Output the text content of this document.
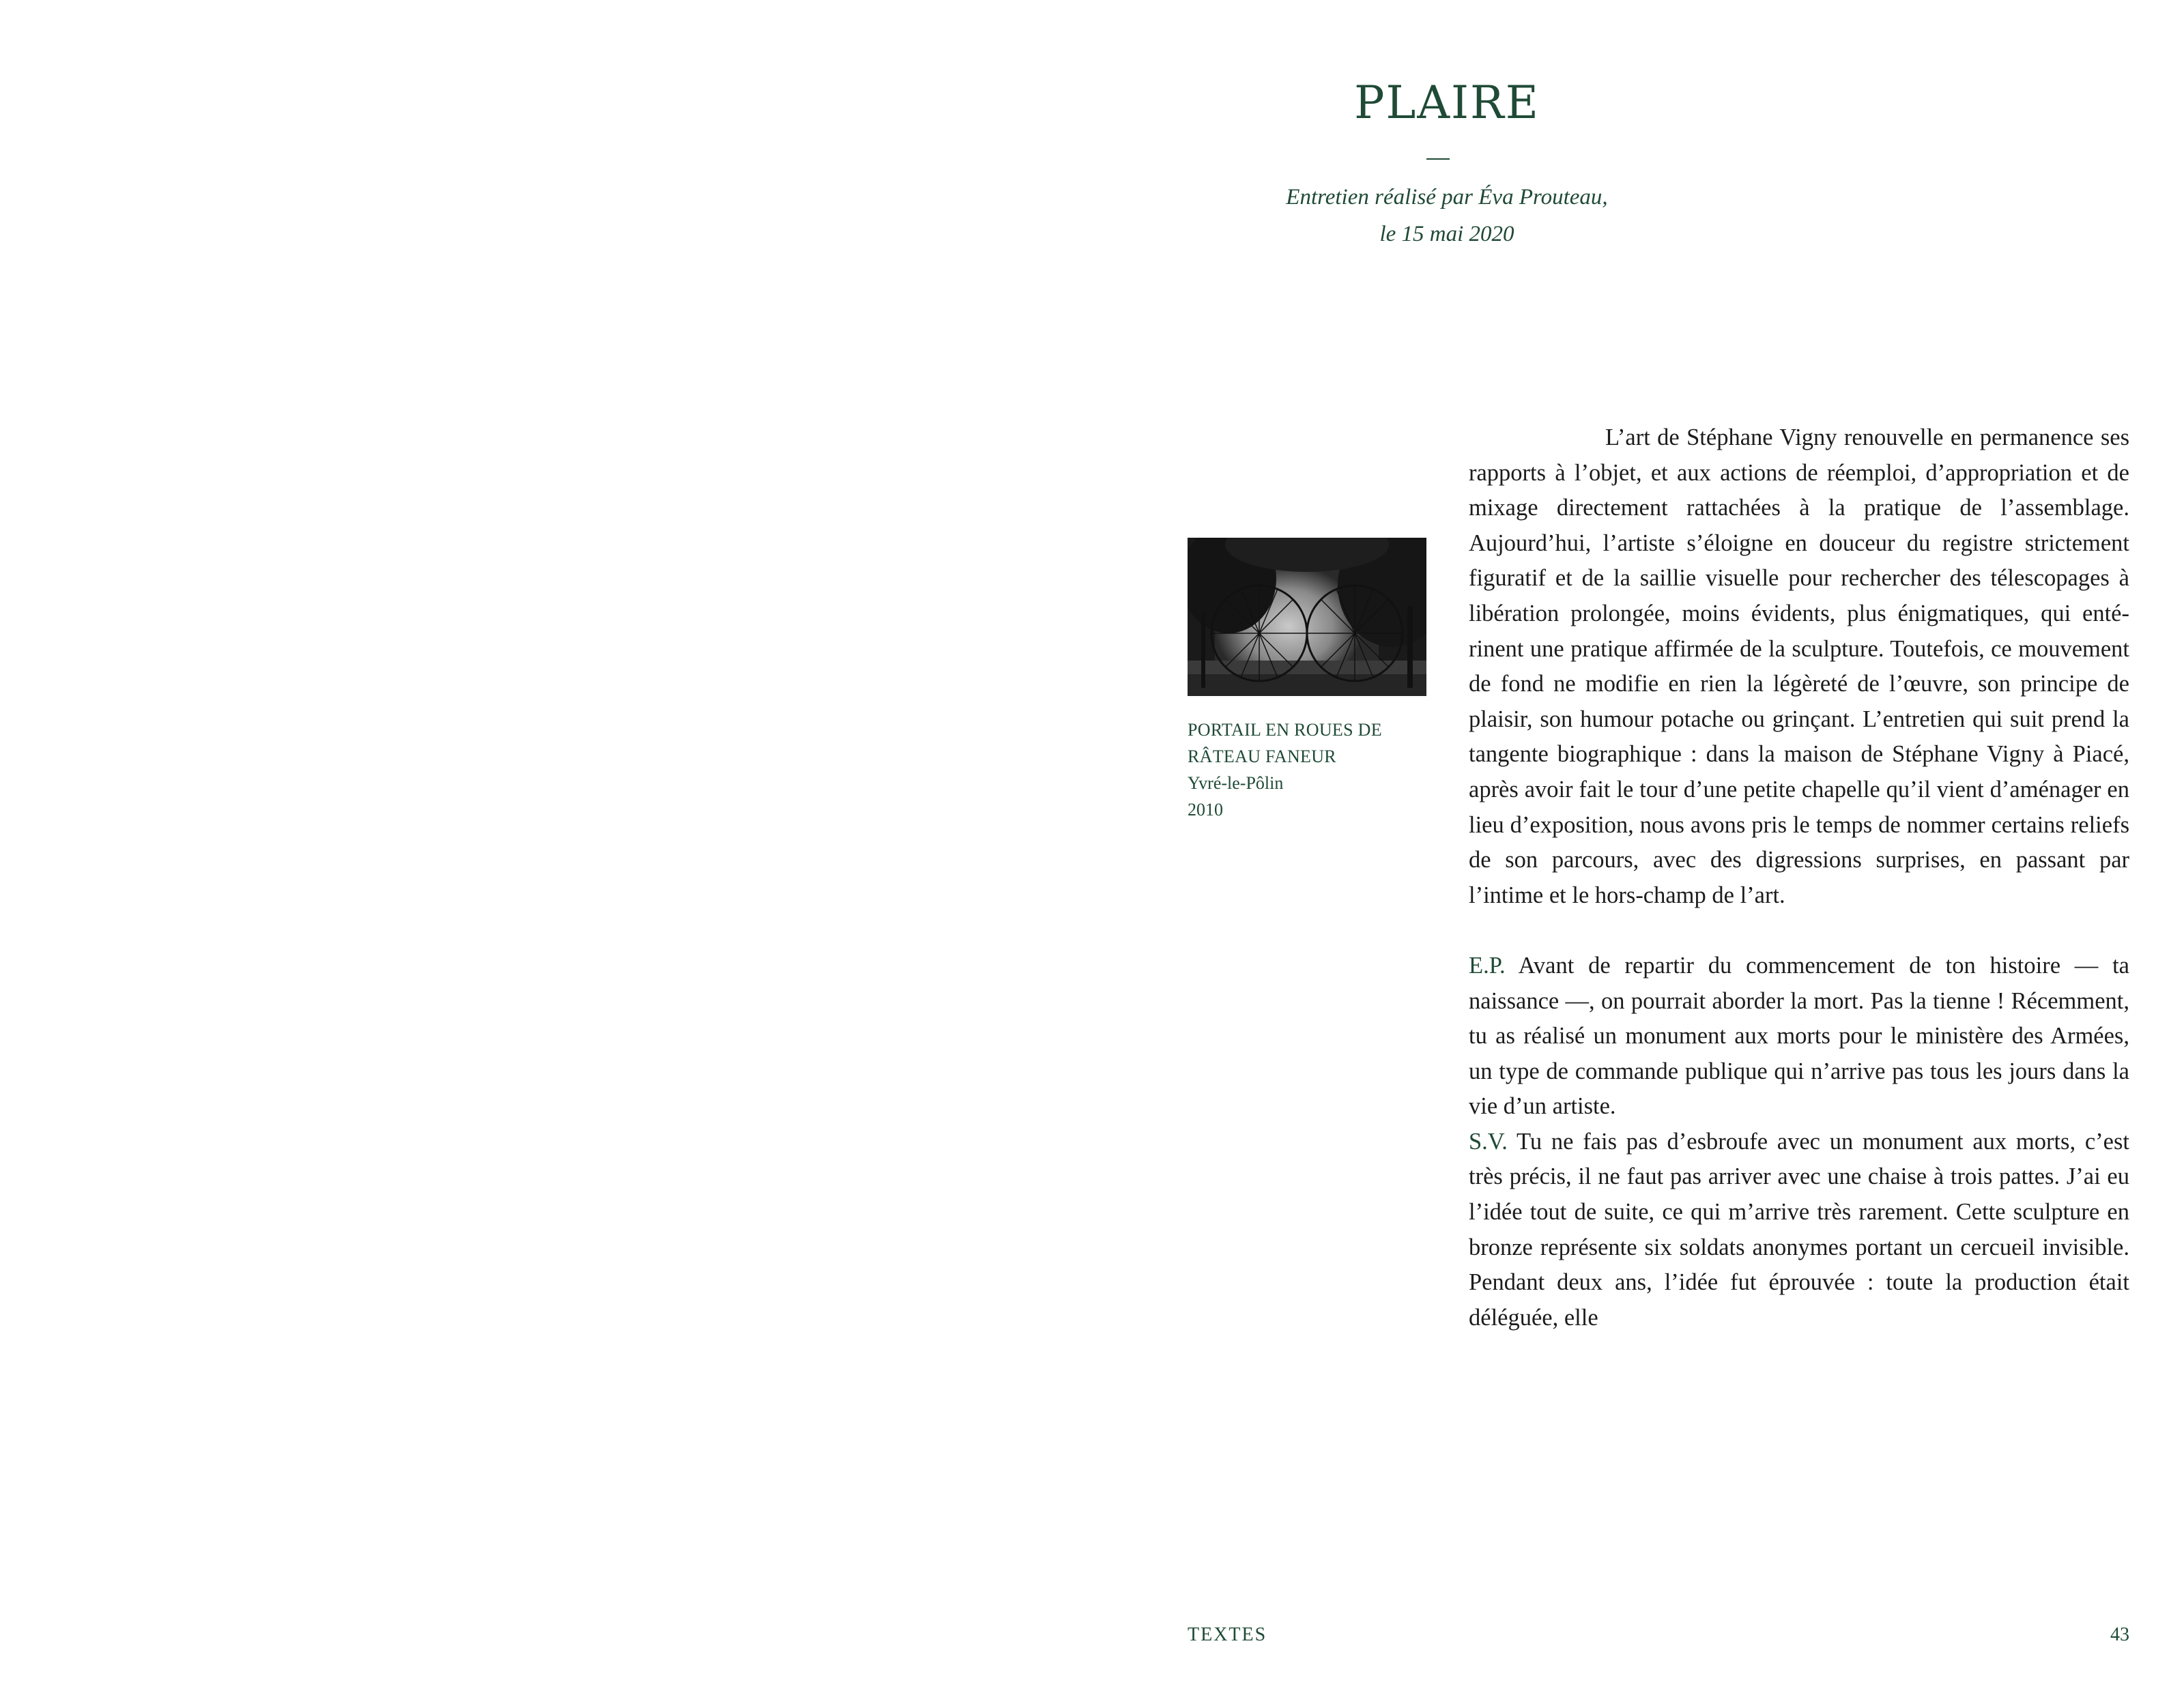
PLAIRE
Entretien réalisé par Éva Prouteau,
le 15 mai 2020
PORTAIL EN ROUES DE
RÂTEAU FANEUR
Yvré-le-Pôlin
2010

L’art de Stéphane Vigny renouvelle en permanence ses rapports à l’objet, et aux actions de réemploi, d’appropriation et de mixage directement rattachées à la pratique de l’assemblage. Aujourd’hui, l’artiste s’éloigne en douceur du registre strictement figuratif et de la saillie visuelle pour rechercher des télescopages à libération prolongée, moins évidents, plus énigmatiques, qui entérinent une pratique affirmée de la sculpture. Toutefois, ce mouvement de fond ne modifie en rien la légèreté de l’œuvre, son principe de plaisir, son humour potache ou grinçant. L’entretien qui suit prend la tangente biographique : dans la maison de Stéphane Vigny à Piacé, après avoir fait le tour d’une petite chapelle qu’il vient d’aménager en lieu d’exposition, nous avons pris le temps de nommer certains reliefs de son parcours, avec des digressions surprises, en passant par l’intime et le hors-champ de l’art.

E.P. Avant de repartir du commencement de ton histoire — ta naissance —, on pourrait aborder la mort. Pas la tienne ! Récemment, tu as réalisé un monument aux morts pour le ministère des Armées, un type de commande publique qui n’arrive pas tous les jours dans la vie d’un artiste.

S.V. Tu ne fais pas d’esbroufe avec un monument aux morts, c’est très précis, il ne faut pas arriver avec une chaise à trois pattes. J’ai eu l’idée tout de suite, ce qui m’arrive très rarement. Cette sculpture en bronze représente six soldats anonymes portant un cercueil invisible. Pendant deux ans, l’idée fut éprouvée : toute la production était déléguée, elle

TEXTES	43
